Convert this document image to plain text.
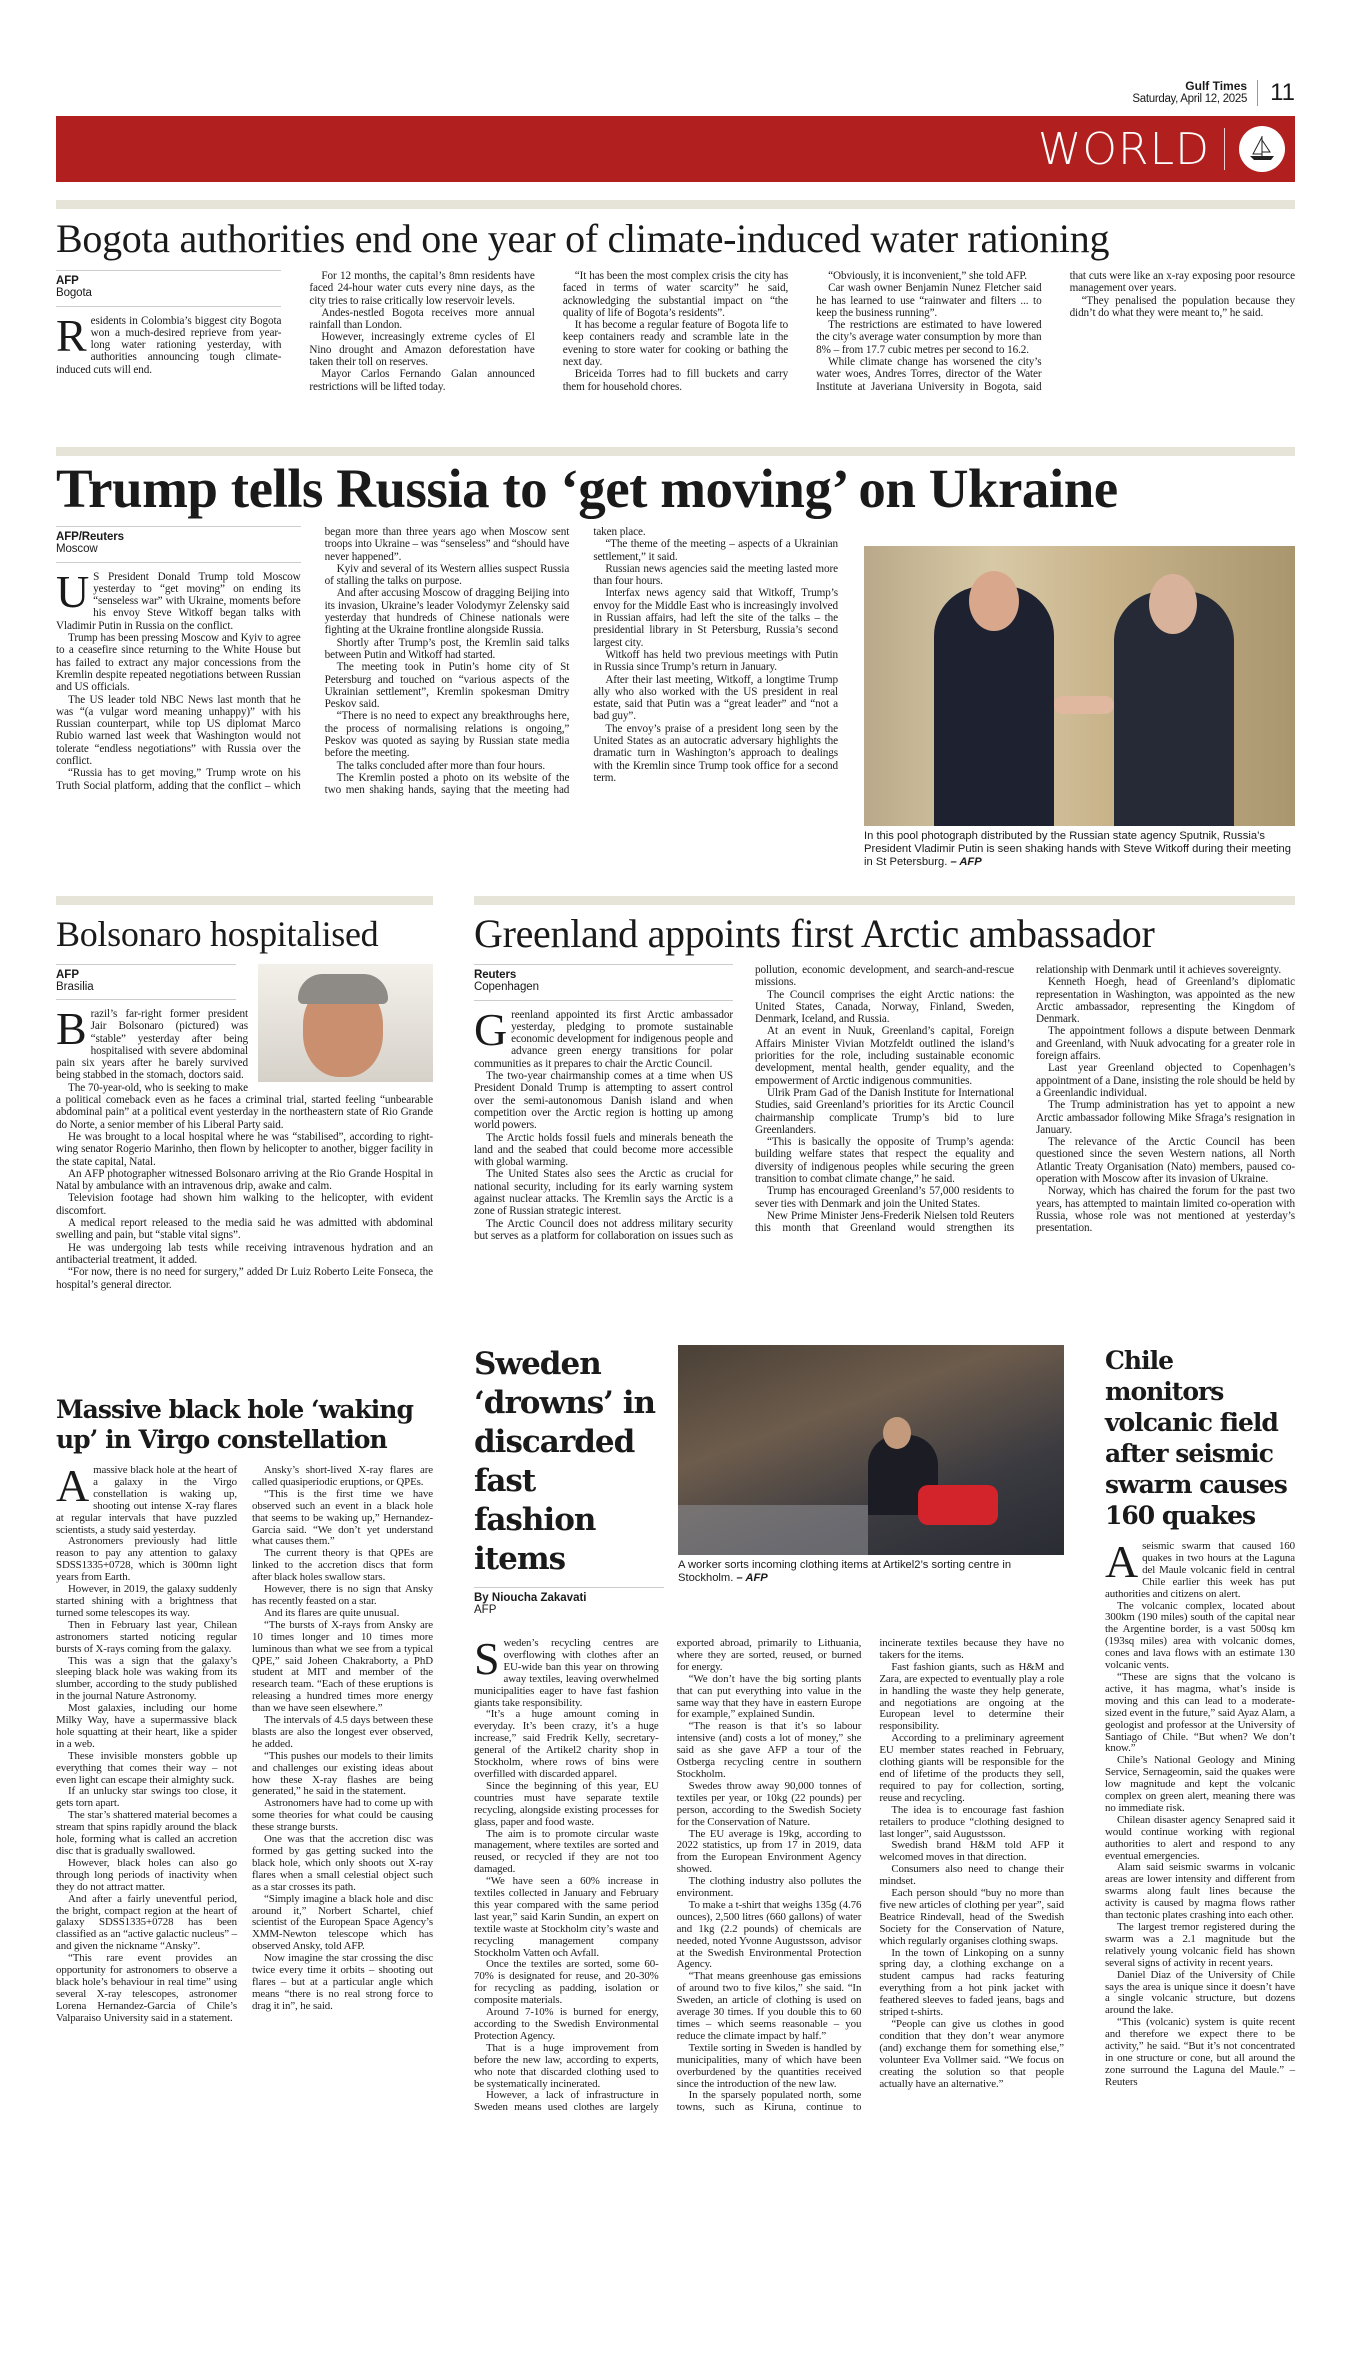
Gulf Times
Saturday, April 12, 2025 11
WORLD
Bogota authorities end one year of climate-induced water rationing
AFP
Bogota

Residents in Colombia’s biggest city Bogota won a much-desired reprieve from year-long water rationing yesterday, with authorities announcing tough climate-induced cuts will end.

For 12 months, the capital’s 8mn residents have faced 24-hour water cuts every nine days, as the city tries to raise critically low reservoir levels.

Andes-nestled Bogota receives more annual rainfall than London.

However, increasingly extreme cycles of El Nino drought and Amazon deforestation have taken their toll on reserves.

Mayor Carlos Fernando Galan announced restrictions will be lifted today.

“It has been the most complex crisis the city has faced in terms of water scarcity” he said, acknowledging the substantial impact on “the quality of life of Bogota’s residents”.

It has become a regular feature of Bogota life to keep containers ready and scramble late in the evening to store water for cooking or bathing the next day.

Briceida Torres had to fill buckets and carry them for household chores.

“Obviously, it is inconvenient,” she told AFP.

Car wash owner Benjamin Nunez Fletcher said he has learned to use “rainwater and filters ... to keep the business running”.

The restrictions are estimated to have lowered the city’s average water consumption by more than 8% – from 17.7 cubic metres per second to 16.2.

While climate change has worsened the city’s water woes, Andres Torres, director of the Water Institute at Javeriana University in Bogota, said that cuts were like an x-ray exposing poor resource management over years.

“They penalised the population because they didn’t do what they were meant to,” he said.

Trump tells Russia to ‘get moving’ on Ukraine
AFP/Reuters
Moscow

US President Donald Trump told Moscow yesterday to “get moving” on ending its “senseless war” with Ukraine, moments before his envoy Steve Witkoff began talks with Vladimir Putin in Russia on the conflict.

Trump has been pressing Moscow and Kyiv to agree to a ceasefire since returning to the White House but has failed to extract any major concessions from the Kremlin despite repeated negotiations between Russian and US officials.

The US leader told NBC News last month that he was “(a vulgar word meaning unhappy)” with his Russian counterpart, while top US diplomat Marco Rubio warned last week that Washington would not tolerate “endless negotiations” with Russia over the conflict.

“Russia has to get moving,” Trump wrote on his Truth Social platform, adding that the conflict – which began more than three years ago when Moscow sent troops into Ukraine – was “senseless” and “should have never happened”.

Kyiv and several of its Western allies suspect Russia of stalling the talks on purpose.

And after accusing Moscow of dragging Beijing into its invasion, Ukraine’s leader Volodymyr Zelensky said yesterday that hundreds of Chinese nationals were fighting at the Ukraine frontline alongside Russia.

Shortly after Trump’s post, the Kremlin said talks between Putin and Witkoff had started.

The meeting took in Putin’s home city of St Petersburg and touched on “various aspects of the Ukrainian settlement”, Kremlin spokesman Dmitry Peskov said.

“There is no need to expect any breakthroughs here, the process of normalising relations is ongoing,” Peskov was quoted as saying by Russian state media before the meeting.

The talks concluded after more than four hours.

The Kremlin posted a photo on its website of the two men shaking hands, saying that the meeting had taken place.

“The theme of the meeting – aspects of a Ukrainian settlement,” it said.

Russian news agencies said the meeting lasted more than four hours.

Interfax news agency said that Witkoff, Trump’s envoy for the Middle East who is increasingly involved in Russian affairs, had left the site of the talks – the presidential library in St Petersburg, Russia’s second largest city.

Witkoff has held two previous meetings with Putin in Russia since Trump’s return in January.

After their last meeting, Witkoff, a longtime Trump ally who also worked with the US president in real estate, said that Putin was a “great leader” and “not a bad guy”.

The envoy’s praise of a president long seen by the United States as an autocratic adversary highlights the dramatic turn in Washington’s approach to dealings with the Kremlin since Trump took office for a second term.

In this pool photograph distributed by the Russian state agency Sputnik, Russia’s President Vladimir Putin is seen shaking hands with Steve Witkoff during their meeting in St Petersburg. – AFP
Bolsonaro hospitalised
AFP
Brasilia

Brazil’s far-right former president Jair Bolsonaro (pictured) was “stable” yesterday after being hospitalised with severe abdominal pain six years after he barely survived being stabbed in the stomach, doctors said.

The 70-year-old, who is seeking to make a political comeback even as he faces a criminal trial, started feeling “unbearable abdominal pain” at a political event yesterday in the northeastern state of Rio Grande do Norte, a senior member of his Liberal Party said.

He was brought to a local hospital where he was “stabilised”, according to right-wing senator Rogerio Marinho, then flown by helicopter to another, bigger facility in the state capital, Natal.

An AFP photographer witnessed Bolsonaro arriving at the Rio Grande Hospital in Natal by ambulance with an intravenous drip, awake and calm.

Television footage had shown him walking to the helicopter, with evident discomfort.

A medical report released to the media said he was admitted with abdominal swelling and pain, but “stable vital signs”.

He was undergoing lab tests while receiving intravenous hydration and an antibacterial treatment, it added.

“For now, there is no need for surgery,” added Dr Luiz Roberto Leite Fonseca, the hospital’s general director.

Greenland appoints first Arctic ambassador
Reuters
Copenhagen

Greenland appointed its first Arctic ambassador yesterday, pledging to promote sustainable economic development for indigenous people and advance green energy transitions for polar communities as it prepares to chair the Arctic Council.

The two-year chairmanship comes at a time when US President Donald Trump is attempting to assert control over the semi-autonomous Danish island and when competition over the Arctic region is hotting up among world powers.

The Arctic holds fossil fuels and minerals beneath the land and the seabed that could become more accessible with global warming.

The United States also sees the Arctic as crucial for national security, including for its early warning system against nuclear attacks. The Kremlin says the Arctic is a zone of Russian strategic interest.

The Arctic Council does not address military security but serves as a platform for collaboration on issues such as pollution, economic development, and search-and-rescue missions.

The Council comprises the eight Arctic nations: the United States, Canada, Norway, Finland, Sweden, Denmark, Iceland, and Russia.

At an event in Nuuk, Greenland’s capital, Foreign Affairs Minister Vivian Motzfeldt outlined the island’s priorities for the role, including sustainable economic development, mental health, gender equality, and the empowerment of Arctic indigenous communities.

Ulrik Pram Gad of the Danish Institute for International Studies, said Greenland’s priorities for its Arctic Council chairmanship complicate Trump’s bid to lure Greenlanders.

“This is basically the opposite of Trump’s agenda: building welfare states that respect the equality and diversity of indigenous peoples while securing the green transition to combat climate change,” he said.

Trump has encouraged Greenland’s 57,000 residents to sever ties with Denmark and join the United States.

New Prime Minister Jens-Frederik Nielsen told Reuters this month that Greenland would strengthen its relationship with Denmark until it achieves sovereignty.

Kenneth Hoegh, head of Greenland’s diplomatic representation in Washington, was appointed as the new Arctic ambassador, representing the Kingdom of Denmark.

The appointment follows a dispute between Denmark and Greenland, with Nuuk advocating for a greater role in foreign affairs.

Last year Greenland objected to Copenhagen’s appointment of a Dane, insisting the role should be held by a Greenlandic individual.

The Trump administration has yet to appoint a new Arctic ambassador following Mike Sfraga’s resignation in January.

The relevance of the Arctic Council has been questioned since the seven Western nations, all North Atlantic Treaty Organisation (Nato) members, paused co-operation with Moscow after its invasion of Ukraine.

Norway, which has chaired the forum for the past two years, has attempted to maintain limited co-operation with Russia, whose role was not mentioned at yesterday’s presentation.

Massive black hole ‘waking up’ in Virgo constellation

Amassive black hole at the heart of a galaxy in the Virgo constellation is waking up, shooting out intense X-ray flares at regular intervals that have puzzled scientists, a study said yesterday.

Astronomers previously had little reason to pay any attention to galaxy SDSS1335+0728, which is 300mn light years from Earth.

However, in 2019, the galaxy suddenly started shining with a brightness that turned some telescopes its way.

Then in February last year, Chilean astronomers started noticing regular bursts of X-rays coming from the galaxy.

This was a sign that the galaxy’s sleeping black hole was waking from its slumber, according to the study published in the journal Nature Astronomy.

Most galaxies, including our home Milky Way, have a supermassive black hole squatting at their heart, like a spider in a web.

These invisible monsters gobble up everything that comes their way – not even light can escape their almighty suck.

If an unlucky star swings too close, it gets torn apart.

The star’s shattered material becomes a stream that spins rapidly around the black hole, forming what is called an accretion disc that is gradually swallowed.

However, black holes can also go through long periods of inactivity when they do not attract matter.

And after a fairly uneventful period, the bright, compact region at the heart of galaxy SDSS1335+0728 has been classified as an “active galactic nucleus” – and given the nickname “Ansky”.

“This rare event provides an opportunity for astronomers to observe a black hole’s behaviour in real time” using several X-ray telescopes, astronomer Lorena Hernandez-Garcia of Chile’s Valparaiso University said in a statement.

Ansky’s short-lived X-ray flares are called quasiperiodic eruptions, or QPEs.

“This is the first time we have observed such an event in a black hole that seems to be waking up,” Hernandez-Garcia said. “We don’t yet understand what causes them.”

The current theory is that QPEs are linked to the accretion discs that form after black holes swallow stars.

However, there is no sign that Ansky has recently feasted on a star.

And its flares are quite unusual.

“The bursts of X-rays from Ansky are 10 times longer and 10 times more luminous than what we see from a typical QPE,” said Joheen Chakraborty, a PhD student at MIT and member of the research team. “Each of these eruptions is releasing a hundred times more energy than we have seen elsewhere.”

The intervals of 4.5 days between these blasts are also the longest ever observed, he added.

“This pushes our models to their limits and challenges our existing ideas about how these X-ray flashes are being generated,” he said in the statement.

Astronomers have had to come up with some theories for what could be causing these strange bursts.

One was that the accretion disc was formed by gas getting sucked into the black hole, which only shoots out X-ray flares when a small celestial object such as a star crosses its path.

“Simply imagine a black hole and disc around it,” Norbert Schartel, chief scientist of the European Space Agency’s XMM-Newton telescope which has observed Ansky, told AFP.

Now imagine the star crossing the disc twice every time it orbits – shooting out flares – but at a particular angle which means “there is no real strong force to drag it in”, he said.

Sweden ‘drowns’ in discarded fast fashion items
By Nioucha Zakavati
AFP
A worker sorts incoming clothing items at Artikel2’s sorting centre in Stockholm. – AFP

Sweden’s recycling centres are overflowing with clothes after an EU-wide ban this year on throwing away textiles, leaving overwhelmed municipalities eager to have fast fashion giants take responsibility.

“It’s a huge amount coming in everyday. It’s been crazy, it’s a huge increase,” said Fredrik Kelly, secretary-general of the Artikel2 charity shop in Stockholm, where rows of bins were overfilled with discarded apparel.

Since the beginning of this year, EU countries must have separate textile recycling, alongside existing processes for glass, paper and food waste.

The aim is to promote circular waste management, where textiles are sorted and reused, or recycled if they are not too damaged.

“We have seen a 60% increase in textiles collected in January and February this year compared with the same period last year,” said Karin Sundin, an expert on textile waste at Stockholm city’s waste and recycling management company Stockholm Vatten och Avfall.

Once the textiles are sorted, some 60-70% is designated for reuse, and 20-30% for recycling as padding, isolation or composite materials.

Around 7-10% is burned for energy, according to the Swedish Environmental Protection Agency.

That is a huge improvement from before the new law, according to experts, who note that discarded clothing used to be systematically incinerated.

However, a lack of infrastructure in Sweden means used clothes are largely exported abroad, primarily to Lithuania, where they are sorted, reused, or burned for energy.

“We don’t have the big sorting plants that can put everything into value in the same way that they have in eastern Europe for example,” explained Sundin.

“The reason is that it’s so labour intensive (and) costs a lot of money,” she said as she gave AFP a tour of the Ostberga recycling centre in southern Stockholm.

Swedes throw away 90,000 tonnes of textiles per year, or 10kg (22 pounds) per person, according to the Swedish Society for the Conservation of Nature.

The EU average is 19kg, according to 2022 statistics, up from 17 in 2019, data from the European Environment Agency showed.

The clothing industry also pollutes the environment.

To make a t-shirt that weighs 135g (4.76 ounces), 2,500 litres (660 gallons) of water and 1kg (2.2 pounds) of chemicals are needed, noted Yvonne Augustsson, advisor at the Swedish Environmental Protection Agency.

“That means greenhouse gas emissions of around two to five kilos,” she said. “In Sweden, an article of clothing is used on average 30 times. If you double this to 60 times – which seems reasonable – you reduce the climate impact by half.”

Textile sorting in Sweden is handled by municipalities, many of which have been overburdened by the quantities received since the introduction of the new law.

In the sparsely populated north, some towns, such as Kiruna, continue to incinerate textiles because they have no takers for the items.

Fast fashion giants, such as H&M and Zara, are expected to eventually play a role in handling the waste they help generate, and negotiations are ongoing at the European level to determine their responsibility.

According to a preliminary agreement EU member states reached in February, clothing giants will be responsible for the end of lifetime of the products they sell, required to pay for collection, sorting, reuse and recycling.

The idea is to encourage fast fashion retailers to produce “clothing designed to last longer”, said Augustsson.

Swedish brand H&M told AFP it welcomed moves in that direction.

Consumers also need to change their mindset.

Each person should “buy no more than five new articles of clothing per year”, said Beatrice Rindevall, head of the Swedish Society for the Conservation of Nature, which regularly organises clothing swaps.

In the town of Linkoping on a sunny spring day, a clothing exchange on a student campus had racks featuring everything from a hot pink jacket with feathered sleeves to faded jeans, bags and striped t-shirts.

“People can give us clothes in good condition that they don’t wear anymore (and) exchange them for something else,” volunteer Eva Vollmer said. “We focus on creating the solution so that people actually have an alternative.”

Chile monitors volcanic field after seismic swarm causes 160 quakes

Aseismic swarm that caused 160 quakes in two hours at the Laguna del Maule volcanic field in central Chile earlier this week has put authorities and citizens on alert.

The volcanic complex, located about 300km (190 miles) south of the capital near the Argentine border, is a vast 500sq km (193sq miles) area with volcanic domes, cones and lava flows with an estimate 130 volcanic vents.

“These are signs that the volcano is active, it has magma, what’s inside is moving and this can lead to a moderate-sized event in the future,” said Ayaz Alam, a geologist and professor at the University of Santiago of Chile. “But when? We don’t know.”

Chile’s National Geology and Mining Service, Sernageomin, said the quakes were low magnitude and kept the volcanic complex on green alert, meaning there was no immediate risk.

Chilean disaster agency Senapred said it would continue working with regional authorities to alert and respond to any eventual emergencies.

Alam said seismic swarms in volcanic areas are lower intensity and different from swarms along fault lines because the activity is caused by magma flows rather than tectonic plates crashing into each other.

The largest tremor registered during the swarm was a 2.1 magnitude but the relatively young volcanic field has shown several signs of activity in recent years.

Daniel Diaz of the University of Chile says the area is unique since it doesn’t have a single volcanic structure, but dozens around the lake.

“This (volcanic) system is quite recent and therefore we expect there to be activity,” he said. “But it’s not concentrated in one structure or cone, but all around the zone surround the Laguna del Maule.” – Reuters
